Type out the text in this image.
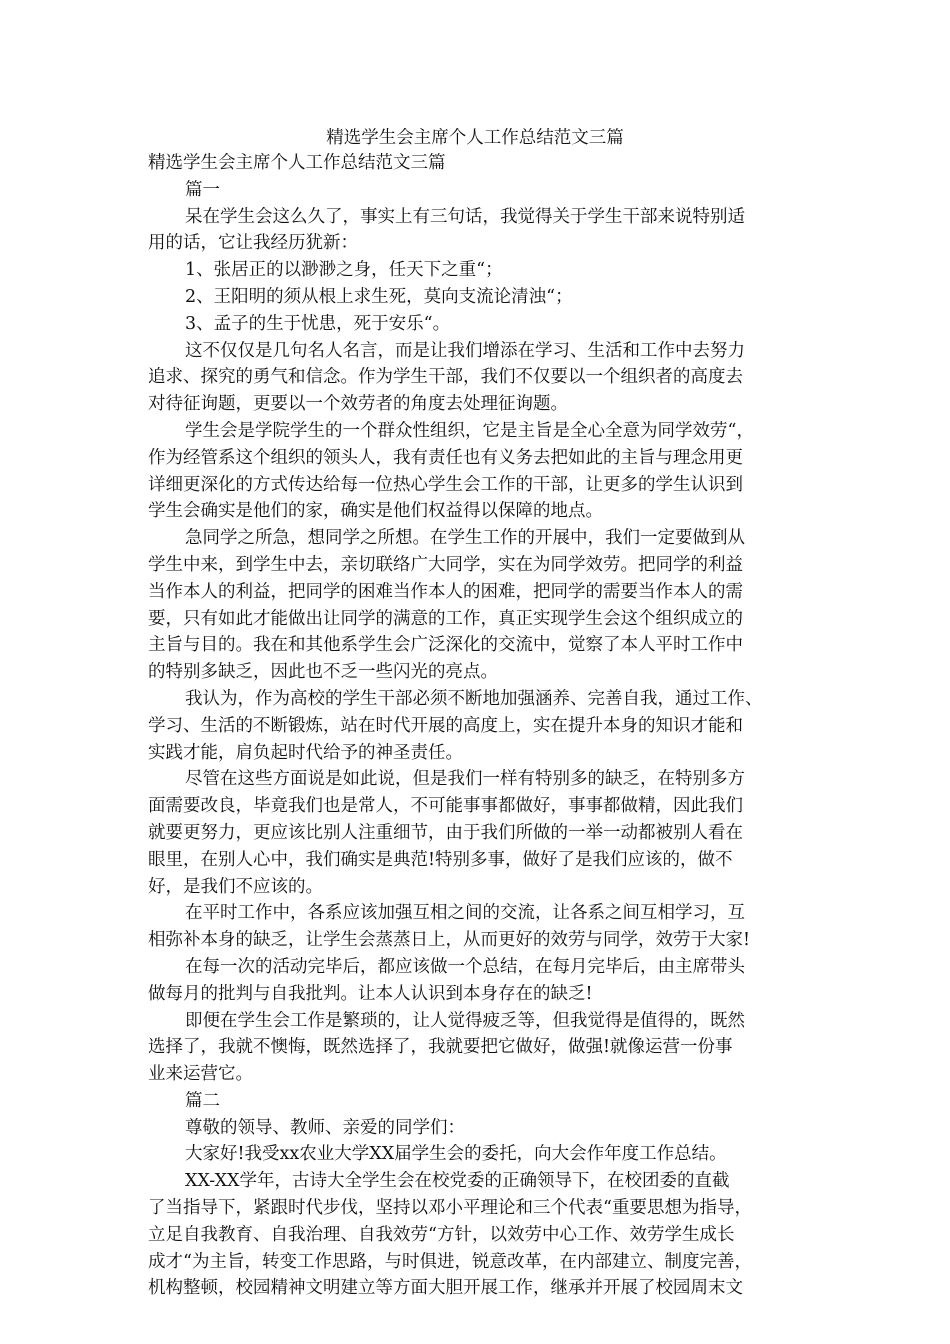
精选学生会主席个人工作总结范文三篇

精选学生会主席个人工作总结范文三篇

篇一

呆在学生会这么久了，事实上有三句话，我觉得关于学生干部来说特别适

用的话，它让我经历犹新：

1、张居正的以渺渺之身，任天下之重“；

2、王阳明的须从根上求生死，莫向支流论清浊“；

3、孟子的生于忧患，死于安乐“。

这不仅仅是几句名人名言，而是让我们增添在学习、生活和工作中去努力

追求、探究的勇气和信念。作为学生干部，我们不仅要以一个组织者的高度去

对待征询题，更要以一个效劳者的角度去处理征询题。

学生会是学院学生的一个群众性组织，它是主旨是全心全意为同学效劳“，

作为经管系这个组织的领头人，我有责任也有义务去把如此的主旨与理念用更

详细更深化的方式传达给每一位热心学生会工作的干部，让更多的学生认识到

学生会确实是他们的家，确实是他们权益得以保障的地点。

急同学之所急，想同学之所想。在学生工作的开展中，我们一定要做到从

学生中来，到学生中去，亲切联络广大同学，实在为同学效劳。把同学的利益

当作本人的利益，把同学的困难当作本人的困难，把同学的需要当作本人的需

要，只有如此才能做出让同学的满意的工作，真正实现学生会这个组织成立的

主旨与目的。我在和其他系学生会广泛深化的交流中，觉察了本人平时工作中

的特别多缺乏，因此也不乏一些闪光的亮点。

我认为，作为高校的学生干部必须不断地加强涵养、完善自我，通过工作、

学习、生活的不断锻炼，站在时代开展的高度上，实在提升本身的知识才能和

实践才能，肩负起时代给予的神圣责任。

尽管在这些方面说是如此说，但是我们一样有特别多的缺乏，在特别多方

面需要改良，毕竟我们也是常人，不可能事事都做好，事事都做精，因此我们

就要更努力，更应该比别人注重细节，由于我们所做的一举一动都被别人看在

眼里，在别人心中，我们确实是典范!特别多事，做好了是我们应该的，做不

好，是我们不应该的。

在平时工作中，各系应该加强互相之间的交流，让各系之间互相学习，互

相弥补本身的缺乏，让学生会蒸蒸日上，从而更好的效劳与同学，效劳于大家!

在每一次的活动完毕后，都应该做一个总结，在每月完毕后，由主席带头

做每月的批判与自我批判。让本人认识到本身存在的缺乏!

即便在学生会工作是繁琐的，让人觉得疲乏等，但我觉得是值得的，既然

选择了，我就不懊悔，既然选择了，我就要把它做好，做强!就像运营一份事

业来运营它。

篇二

尊敬的领导、教师、亲爱的同学们：

大家好!我受xx农业大学XX届学生会的委托，向大会作年度工作总结。

XX-XX学年，古诗大全学生会在校党委的正确领导下，在校团委的直截

了当指导下，紧跟时代步伐，坚持以邓小平理论和三个代表“重要思想为指导，

立足自我教育、自我治理、自我效劳“方针，以效劳中心工作、效劳学生成长

成才“为主旨，转变工作思路，与时俱进，锐意改革，在内部建立、制度完善，

机构整顿，校园精神文明建立等方面大胆开展工作，继承并开展了校园周末文
